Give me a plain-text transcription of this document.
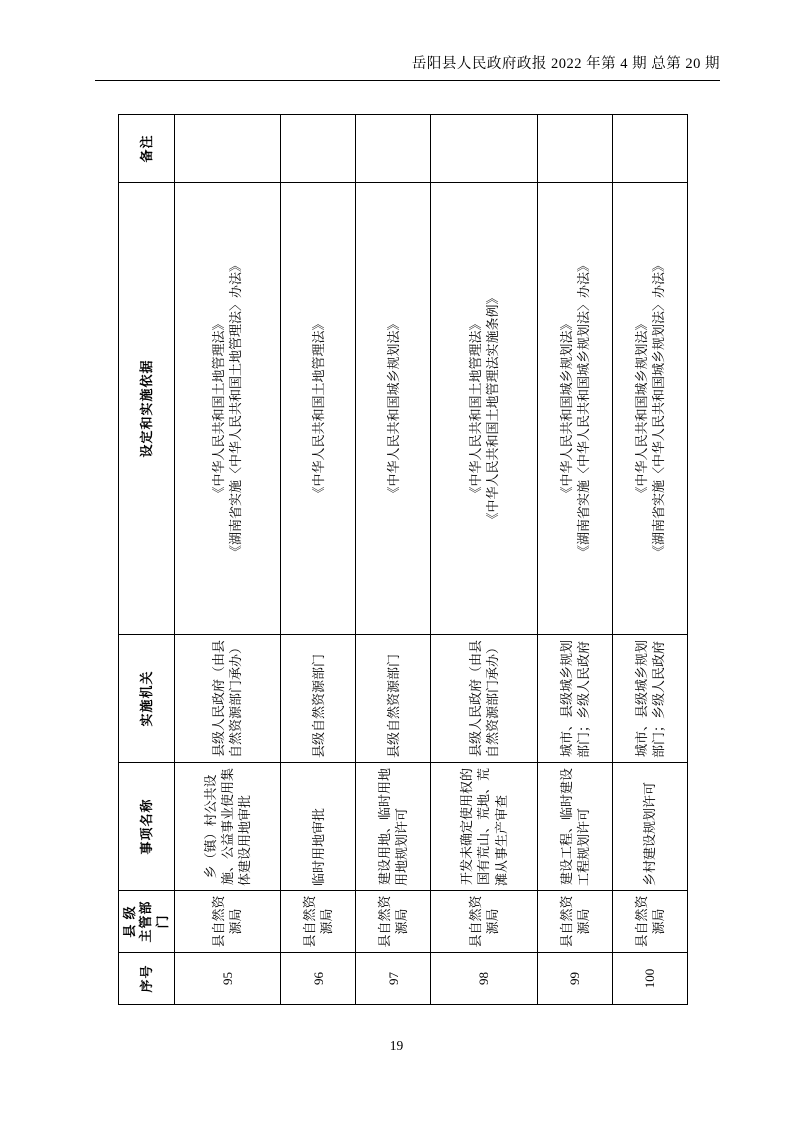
岳阳县人民政府政报 2022 年第 4 期 总第 20 期
序号	县 级 主管部门	事项名称	实施机关	设定和实施依据	备注
95	县自然资源局	乡（镇）村公共设施、公益事业使用集体建设用地审批	县级人民政府（由县自然资源部门承办）	《中华人民共和国土地管理法》 《湖南省实施〈中华人民共和国土地管理法〉办法》	

96	县自然资源局	临时用地审批	县级自然资源部门	《中华人民共和国土地管理法》	

97	县自然资源局	建设用地、临时用地用地规划许可	县级自然资源部门	《中华人民共和国城乡规划法》	

98	县自然资源局	开发未确定使用权的国有荒山、荒地、荒滩从事生产审查	县级人民政府（由县自然资源部门承办）	《中华人民共和国土地管理法》 《中华人民共和国土地管理法实施条例》	

99	县自然资源局	建设工程、临时建设工程规划许可	城市、县级城乡规划部门；乡级人民政府	《中华人民共和国城乡规划法》 《湖南省实施〈中华人民共和国城乡规划法〉办法》	

100	县自然资源局	乡村建设规划许可	城市、县级城乡规划部门；乡级人民政府	《中华人民共和国城乡规划法》 《湖南省实施〈中华人民共和国城乡规划法〉办法》	

19
